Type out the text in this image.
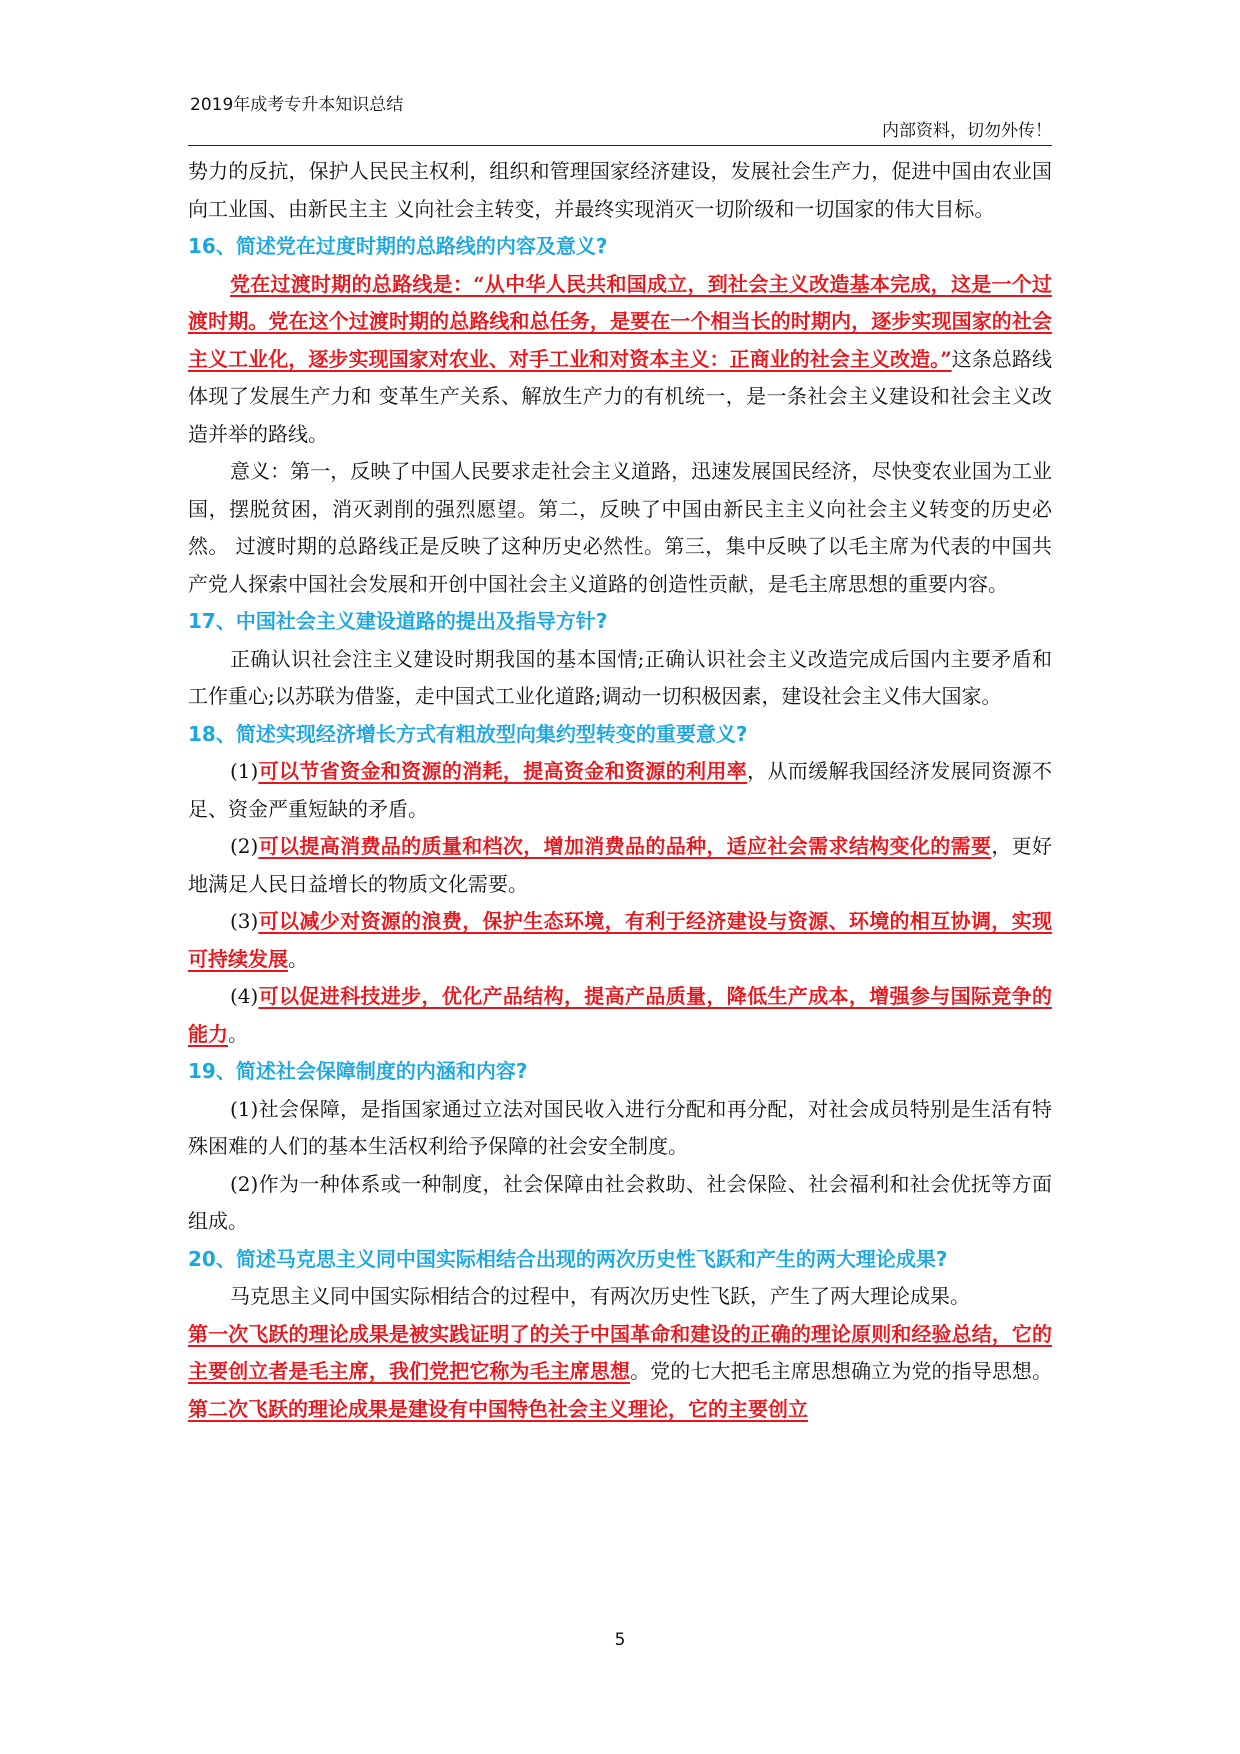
2019年成考专升本知识总结
内部资料，切勿外传！

势力的反抗，保护人民民主权利，组织和管理国家经济建设，发展社会生产力，促进中国由农业国向工业国、由新民主主 义向社会主转变，并最终实现消灭一切阶级和一切国家的伟大目标。

16、简述党在过度时期的总路线的内容及意义?

党在过渡时期的总路线是：“从中华人民共和国成立，到社会主义改造基本完成，这是一个过渡时期。党在这个过渡时期的总路线和总任务，是要在一个相当长的时期内，逐步实现国家的社会主义工业化，逐步实现国家对农业、对手工业和对资本主义：正商业的社会主义改造。”这条总路线体现了发展生产力和 变革生产关系、解放生产力的有机统一，是一条社会主义建设和社会主义改造并举的路线。

意义：第一，反映了中国人民要求走社会主义道路，迅速发展国民经济，尽快变农业国为工业国，摆脱贫困，消灭剥削的强烈愿望。第二，反映了中国由新民主主义向社会主义转变的历史必然。 过渡时期的总路线正是反映了这种历史必然性。第三，集中反映了以毛主席为代表的中国共产党人探索中国社会发展和开创中国社会主义道路的创造性贡献，是毛主席思想的重要内容。

17、中国社会主义建设道路的提出及指导方针?

正确认识社会注主义建设时期我国的基本国情;正确认识社会主义改造完成后国内主要矛盾和工作重心;以苏联为借鉴，走中国式工业化道路;调动一切积极因素，建设社会主义伟大国家。

18、简述实现经济增长方式有粗放型向集约型转变的重要意义?

(1)可以节省资金和资源的消耗，提高资金和资源的利用率，从而缓解我国经济发展同资源不足、资金严重短缺的矛盾。

(2)可以提高消费品的质量和档次，增加消费品的品种，适应社会需求结构变化的需要，更好地满足人民日益增长的物质文化需要。

(3)可以减少对资源的浪费，保护生态环境，有利于经济建设与资源、环境的相互协调，实现可持续发展。

(4)可以促进科技进步，优化产品结构，提高产品质量，降低生产成本，增强参与国际竞争的能力。

19、简述社会保障制度的内涵和内容?

(1)社会保障，是指国家通过立法对国民收入进行分配和再分配，对社会成员特别是生活有特殊困难的人们的基本生活权利给予保障的社会安全制度。

(2)作为一种体系或一种制度，社会保障由社会救助、社会保险、社会福利和社会优抚等方面组成。

20、简述马克思主义同中国实际相结合出现的两次历史性飞跃和产生的两大理论成果?

马克思主义同中国实际相结合的过程中，有两次历史性飞跃，产生了两大理论成果。

第一次飞跃的理论成果是被实践证明了的关于中国革命和建设的正确的理论原则和经验总结，它的主要创立者是毛主席，我们党把它称为毛主席思想。党的七大把毛主席思想确立为党的指导思想。第二次飞跃的理论成果是建设有中国特色社会主义理论，它的主要创立

5
